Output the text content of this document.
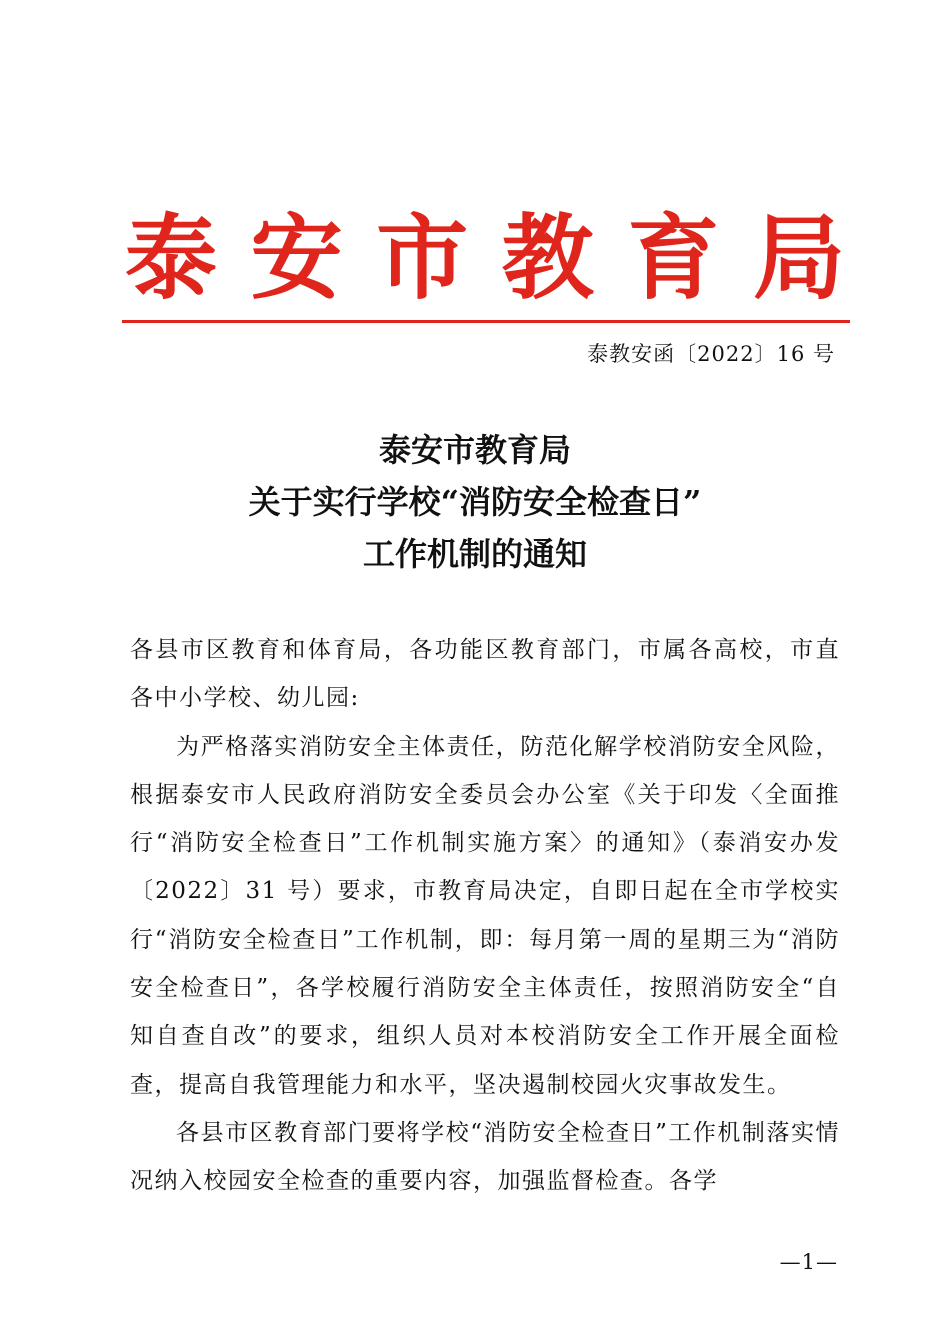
泰 安 市 教 育 局
泰教安函〔2022〕16 号
泰安市教育局
关于实行学校“消防安全检查日”
工作机制的通知

各县市区教育和体育局，各功能区教育部门，市属各高校，市直各中小学校、幼儿园:

为严格落实消防安全主体责任，防范化解学校消防安全风险，根据泰安市人民政府消防安全委员会办公室《关于印发〈全面推行“消防安全检查日”工作机制实施方案〉的通知》（泰消安办发〔2022〕31 号）要求，市教育局决定，自即日起在全市学校实行“消防安全检查日”工作机制，即：每月第一周的星期三为“消防安全检查日”，各学校履行消防安全主体责任，按照消防安全“自知自查自改”的要求，组织人员对本校消防安全工作开展全面检查，提高自我管理能力和水平，坚决遏制校园火灾事故发生。

各县市区教育部门要将学校“消防安全检查日”工作机制落实情况纳入校园安全检查的重要内容，加强监督检查。各学

—1—
